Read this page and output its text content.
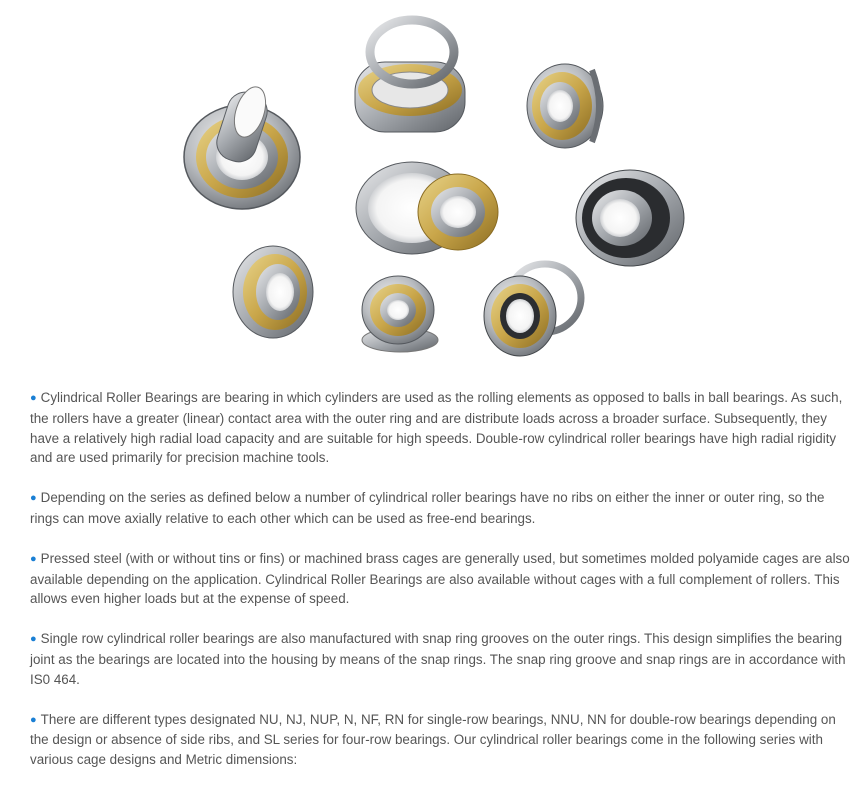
● Cylindrical Roller Bearings are bearing in which cylinders are used as the rolling elements as opposed to balls in ball bearings. As such, the rollers have a greater (linear) contact area with the outer ring and are distribute loads across a broader surface. Subsequently, they have a relatively high radial load capacity and are suitable for high speeds. Double-row cylindrical roller bearings have high radial rigidity and are used primarily for precision machine tools.

● Depending on the series as defined below a number of cylindrical roller bearings have no ribs on either the inner or outer ring, so the rings can move axially relative to each other which can be used as free-end bearings.

● Pressed steel (with or without tins or fins) or machined brass cages are generally used, but sometimes molded polyamide cages are also available depending on the application. Cylindrical Roller Bearings are also available without cages with a full complement of rollers. This allows even higher loads but at the expense of speed.

● Single row cylindrical roller bearings are also manufactured with snap ring grooves on the outer rings. This design simplifies the bearing joint as the bearings are located into the housing by means of the snap rings. The snap ring groove and snap rings are in accordance with IS0 464.

● There are different types designated NU, NJ, NUP, N, NF, RN for single-row bearings, NNU, NN for double-row bearings depending on the design or absence of side ribs, and SL series for four-row bearings. Our cylindrical roller bearings come in the following series with various cage designs and Metric dimensions:
